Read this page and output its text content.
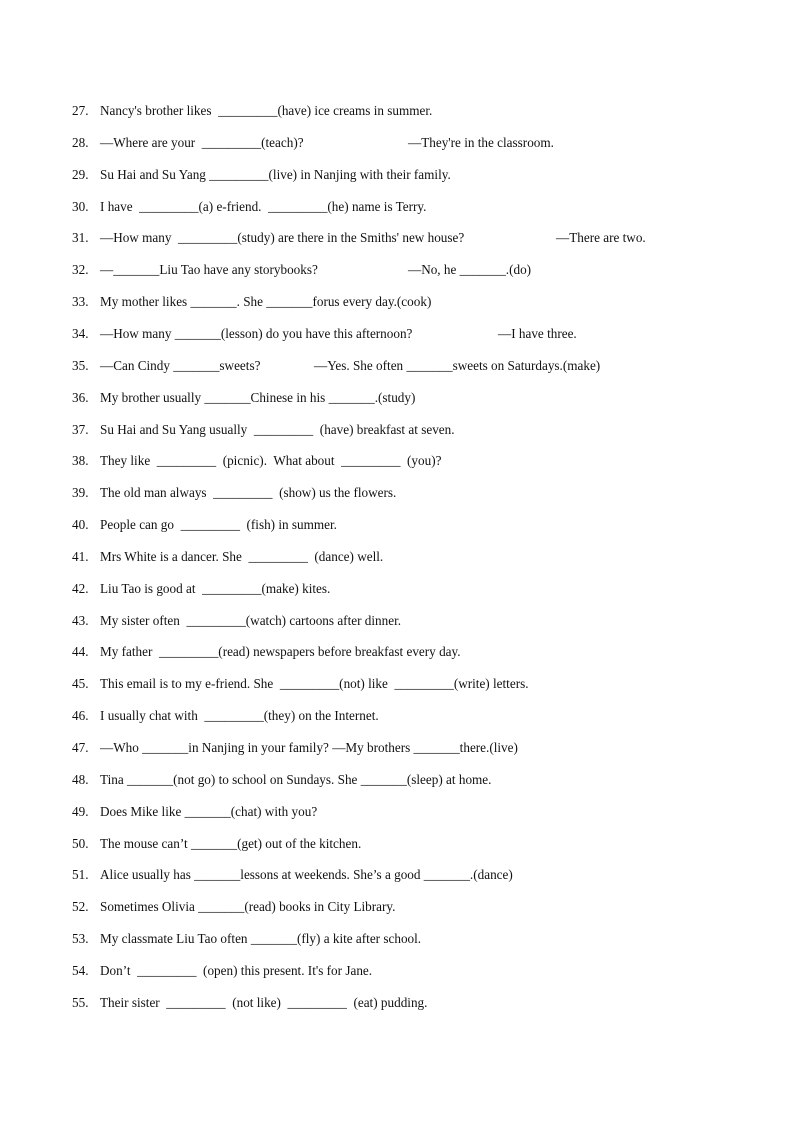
27. Nancy's brother likes  _________(have) ice creams in summer.
28. —Where are your  _________(teach)?	—They're in the classroom.
29. Su Hai and Su Yang _________(live) in Nanjing with their family.
30. I have  _________(a) e-friend.  _________(he) name is Terry.
31. —How many  _________(study) are there in the Smiths' new house?	—There are two.
32. —_______Liu Tao have any storybooks?	—No, he _______.(do)
33. My mother likes _______. She _______forus every day.(cook)
34. —How many _______(lesson) do you have this afternoon?	—I have three.
35. —Can Cindy _______sweets?	—Yes. She often _______sweets on Saturdays.(make)
36. My brother usually _______Chinese in his _______.(study)
37. Su Hai and Su Yang usually  _________  (have) breakfast at seven.
38. They like  _________  (picnic).  What about  _________  (you)?
39. The old man always  _________  (show) us the flowers.
40. People can go  _________  (fish) in summer.
41. Mrs White is a dancer. She  _________  (dance) well.
42. Liu Tao is good at  _________(make) kites.
43. My sister often  _________(watch) cartoons after dinner.
44. My father  _________(read) newspapers before breakfast every day.
45. This email is to my e-friend. She  _________(not) like  _________(write) letters.
46. I usually chat with  _________(they) on the Internet.
47. —Who _______in Nanjing in your family? —My brothers _______there.(live)
48. Tina _______(not go) to school on Sundays. She _______(sleep) at home.
49. Does Mike like _______(chat) with you?
50. The mouse can’t _______(get) out of the kitchen.
51. Alice usually has _______lessons at weekends. She’s a good _______.(dance)
52. Sometimes Olivia _______(read) books in City Library.
53. My classmate Liu Tao often _______(fly) a kite after school.
54. Don’t  _________  (open) this present. It's for Jane.
55. Their sister  _________  (not like)  _________  (eat) pudding.
